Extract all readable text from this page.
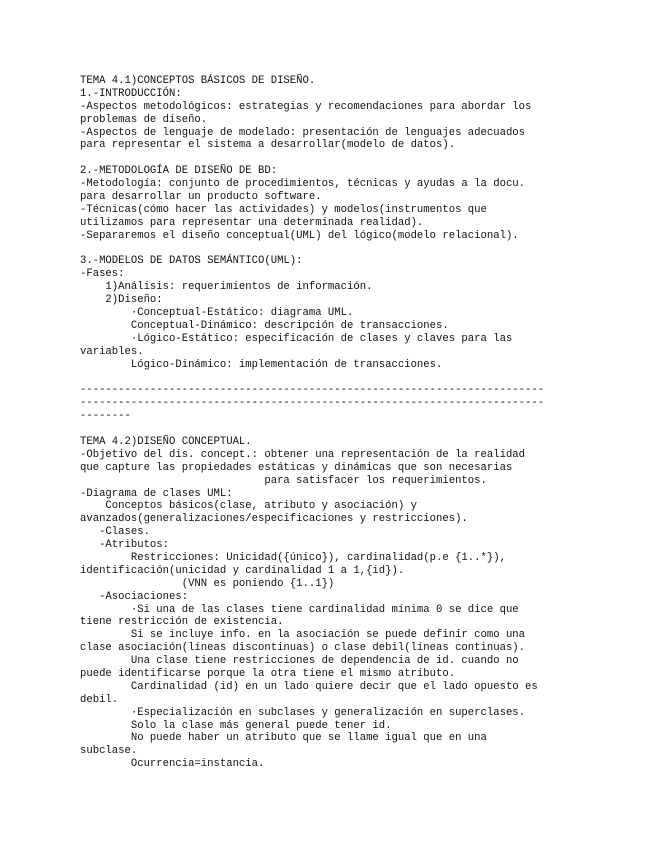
TEMA 4.1)CONCEPTOS BÁSICOS DE DISEÑO.
1.-INTRODUCCIÓN:
-Aspectos metodológicos: estrategias y recomendaciones para abordar los
problemas de diseño.
-Aspectos de lenguaje de modelado: presentación de lenguajes adecuados
para representar el sistema a desarrollar(modelo de datos).
2.-METODOLOGÍA DE DISEÑO DE BD:
-Metodología: conjunto de procedimientos, técnicas y ayudas a la docu.
para desarrollar un producto software.
-Técnicas(cómo hacer las actividades) y modelos(instrumentos que
utilizamos para representar una determinada realidad).
-Separaremos el diseño conceptual(UML) del lógico(modelo relacional).
3.-MODELOS DE DATOS SEMÁNTICO(UML):
-Fases:
1)Análisis: requerimientos de información.
2)Diseño:
·Conceptual-Estático: diagrama UML.
Conceptual-Dinámico: descripción de transacciones.
·Lógico-Estático: especificación de clases y claves para las
variables.
Lógico-Dinámico: implementación de transacciones.
-------------------------------------------------------------------------
-------------------------------------------------------------------------
--------
TEMA 4.2)DISEÑO CONCEPTUAL.
-Objetivo del dis. concept.: obtener una representación de la realidad
que capture las propiedades estáticas y dinámicas que son necesarias
para satisfacer los requerimientos.
-Diagrama de clases UML:
Conceptos básicos(clase, atributo y asociación) y
avanzados(generalizaciones/especificaciones y restricciones).
-Clases.
-Atributos:
Restricciones: Unicidad({único}), cardinalidad(p.e {1..*}),
identificación(unicidad y cardinalidad 1 a 1,{id}).
(VNN es poniendo {1..1})
-Asociaciones:
·Si una de las clases tiene cardinalidad mínima 0 se dice que
tiene restricción de existencia.
Si se incluye info. en la asociación se puede definir como una
clase asociación(líneas discontinuas) o clase debil(líneas continuas).
Una clase tiene restricciones de dependencia de id. cuando no
puede identificarse porque la otra tiene el mismo atributo.
Cardinalidad (id) en un lado quiere decir que el lado opuesto es
debil.
·Especialización en subclases y generalización en superclases.
Solo la clase más general puede tener id.
No puede haber un atributo que se llame igual que en una
subclase.
Ocurrencia=instancia.
